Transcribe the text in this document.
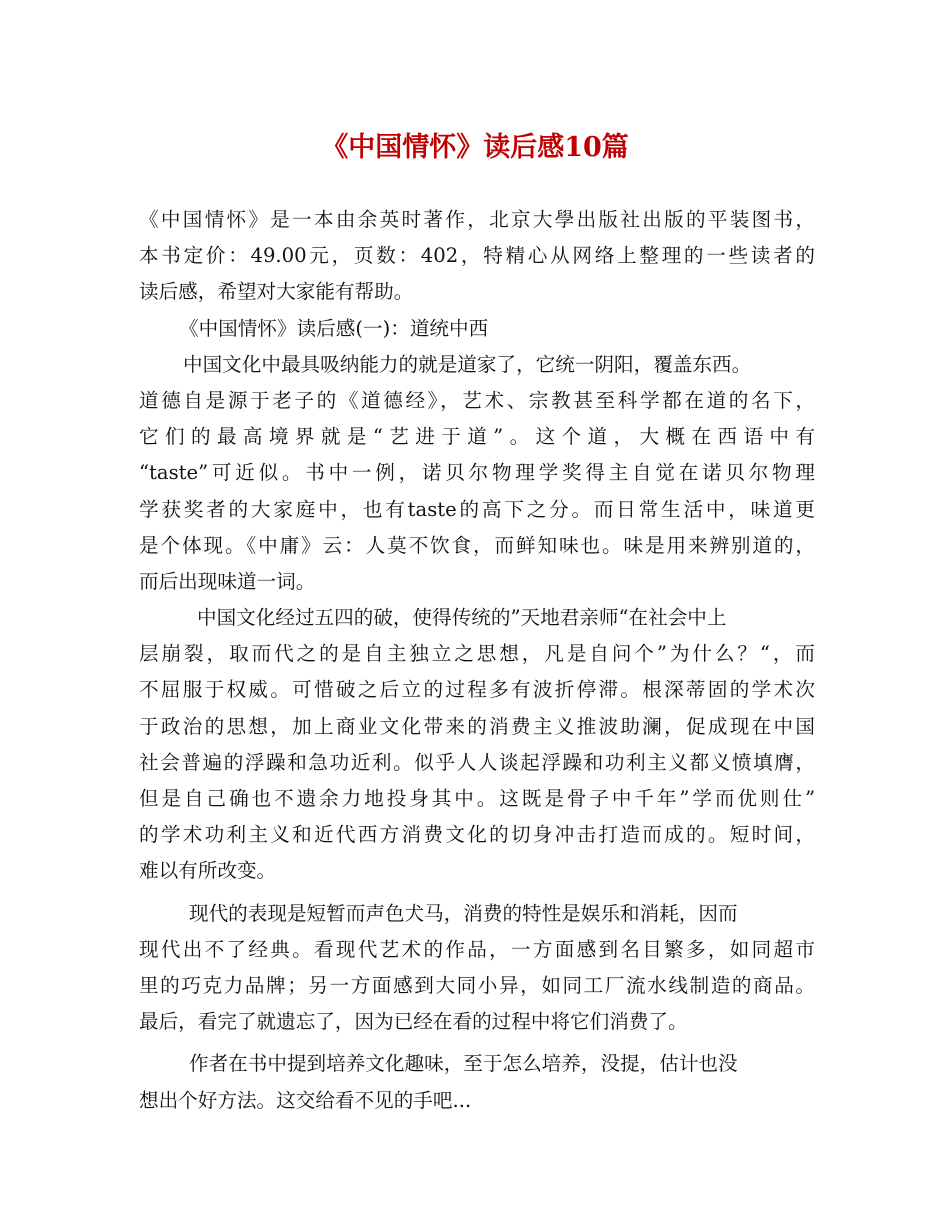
《中国情怀》读后感10篇
《中国情怀》是一本由余英时著作，北京大學出版社出版的平装图书，
本书定价：49.00元，页数：402，特精心从网络上整理的一些读者的
读后感，希望对大家能有帮助。
《中国情怀》读后感(一)：道统中西
中国文化中最具吸纳能力的就是道家了，它统一阴阳，覆盖东西。
道德自是源于老子的《道德经》，艺术、宗教甚至科学都在道的名下，
它们的最高境界就是“艺进于道”。这个道，大概在西语中有
“taste”可近似。书中一例，诺贝尔物理学奖得主自觉在诺贝尔物理
学获奖者的大家庭中，也有taste的高下之分。而日常生活中，味道更
是个体现。《中庸》云：人莫不饮食，而鲜知味也。味是用来辨别道的，
而后出现味道一词。
中国文化经过五四的破，使得传统的”天地君亲师“在社会中上
层崩裂，取而代之的是自主独立之思想，凡是自问个”为什么？“，而
不屈服于权威。可惜破之后立的过程多有波折停滞。根深蒂固的学术次
于政治的思想，加上商业文化带来的消费主义推波助澜，促成现在中国
社会普遍的浮躁和急功近利。似乎人人谈起浮躁和功利主义都义愤填膺，
但是自己确也不遗余力地投身其中。这既是骨子中千年”学而优则仕”
的学术功利主义和近代西方消费文化的切身冲击打造而成的。短时间，
难以有所改变。
现代的表现是短暂而声色犬马，消费的特性是娱乐和消耗，因而
现代出不了经典。看现代艺术的作品，一方面感到名目繁多，如同超市
里的巧克力品牌；另一方面感到大同小异，如同工厂流水线制造的商品。
最后，看完了就遗忘了，因为已经在看的过程中将它们消费了。
作者在书中提到培养文化趣味，至于怎么培养，没提，估计也没
想出个好方法。这交给看不见的手吧...
